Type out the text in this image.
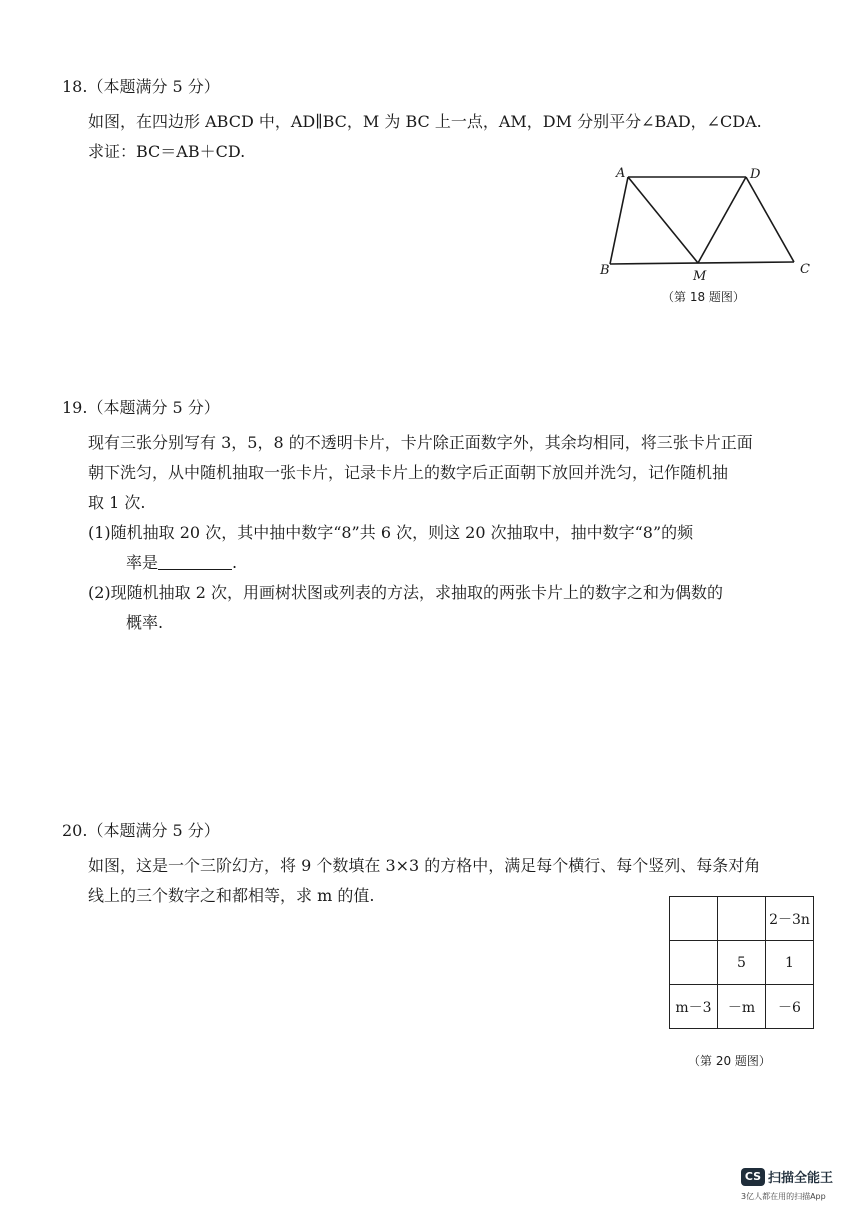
18.（本题满分 5 分）

如图，在四边形 ABCD 中，AD∥BC，M 为 BC 上一点，AM，DM 分别平分∠BAD，∠CDA.

求证：BC＝AB＋CD.

A	D
B	C
M
（第 18 题图）

19.（本题满分 5 分）

现有三张分别写有 3，5，8 的不透明卡片，卡片除正面数字外，其余均相同，将三张卡片正面

朝下洗匀，从中随机抽取一张卡片，记录卡片上的数字后正面朝下放回并洗匀，记作随机抽

取 1 次.

(1)随机抽取 20 次，其中抽中数字“8”共 6 次，则这 20 次抽取中，抽中数字“8”的频

率是	.

(2)现随机抽取 2 次，用画树状图或列表的方法，求抽取的两张卡片上的数字之和为偶数的

概率.

20.（本题满分 5 分）

如图，这是一个三阶幻方，将 9 个数填在 3×3 的方格中，满足每个横行、每个竖列、每条对角

线上的三个数字之和都相等，求 m 的值.

		2－3n
	5	1
m－3	－m	－6
（第 20 题图）
CS 扫描全能王
3亿人都在用的扫描App
